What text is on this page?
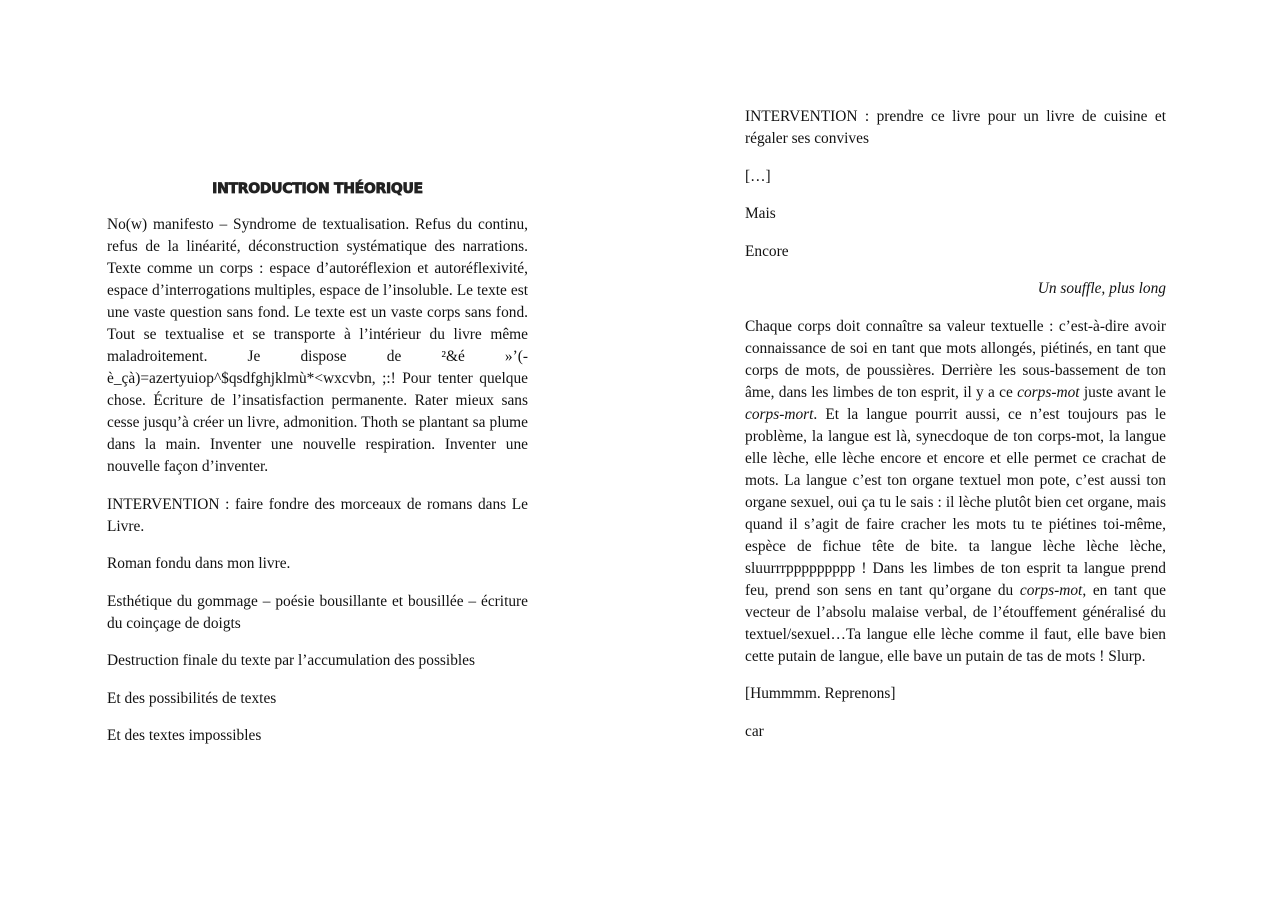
INTRODUCTION THÉORIQUE

No(w) manifesto – Syndrome de textualisation. Refus du continu, refus de la linéarité, déconstruction systématique des narrations. Texte comme un corps : espace d’autoréflexion et autoréflexivité, espace d’interrogations multiples, espace de l’insoluble. Le texte est une vaste question sans fond. Le texte est un vaste corps sans fond. Tout se textualise et se transporte à l’intérieur du livre même maladroitement. Je dispose de ²&é »’(-è_çà)=azertyuiop^$qsdfghjklmù*<wxcvbn, ;:! Pour tenter quelque chose. Écriture de l’insatisfaction permanente. Rater mieux sans cesse jusqu’à créer un livre, admonition. Thoth se plantant sa plume dans la main. Inventer une nouvelle respiration. Inventer une nouvelle façon d’inventer.

INTERVENTION : faire fondre des morceaux de romans dans Le Livre.

Roman fondu dans mon livre.

Esthétique du gommage – poésie bousillante et bousillée – écriture du coinçage de doigts

Destruction finale du texte par l’accumulation des possibles

Et des possibilités de textes

Et des textes impossibles

INTERVENTION : prendre ce livre pour un livre de cuisine et régaler ses convives

[…]

Mais

Encore

Un souffle, plus long

Chaque corps doit connaître sa valeur textuelle : c’est-à-dire avoir connaissance de soi en tant que mots allongés, piétinés, en tant que corps de mots, de poussières. Derrière les sous-bassement de ton âme, dans les limbes de ton esprit, il y a ce corps-mot juste avant le corps-mort. Et la langue pourrit aussi, ce n’est toujours pas le problème, la langue est là, synecdoque de ton corps-mot, la langue elle lèche, elle lèche encore et encore et elle permet ce crachat de mots. La langue c’est ton organe textuel mon pote, c’est aussi ton organe sexuel, oui ça tu le sais : il lèche plutôt bien cet organe, mais quand il s’agit de faire cracher les mots tu te piétines toi-même, espèce de fichue tête de bite. ta langue lèche lèche lèche, sluurrrppppppppp ! Dans les limbes de ton esprit ta langue prend feu, prend son sens en tant qu’organe du corps-mot, en tant que vecteur de l’absolu malaise verbal, de l’étouffement généralisé du textuel/sexuel…Ta langue elle lèche comme il faut, elle bave bien cette putain de langue, elle bave un putain de tas de mots ! Slurp.

[Hummmm. Reprenons]

car
